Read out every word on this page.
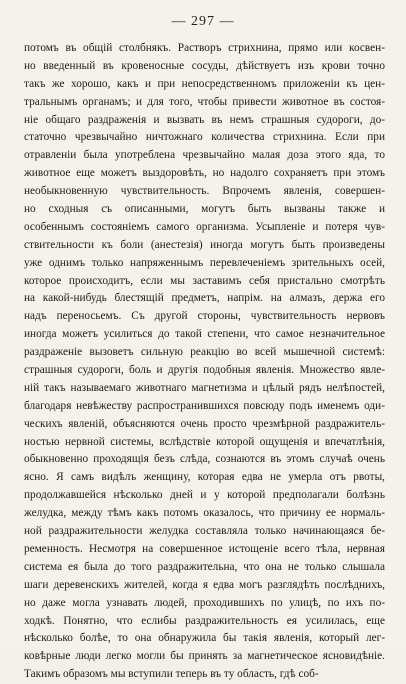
— 297 —
потомъ въ общій столбнякъ. Растворъ стрихнина, прямо или косвен-
но введенный въ кровеносные сосуды, дѣйствуетъ изъ крови точно
такъ же хорошо, какъ и при непосредственномъ приложеніи къ цен-
тральнымъ органамъ; и для того, чтобы привести животное въ состоя-
ніе общаго раздраженія и вызвать въ немъ страшныя судороги, до-
статочно чрезвычайно ничтожнаго количества стрихнина. Если при
отравленіи была употреблена чрезвычайно малая доза этого яда, то
животное еще можетъ выздоровѣть, но надолго сохраняетъ при этомъ
необыкновенную чувствительность. Впрочемъ явленія, совершен-
но сходныя съ описанными, могутъ быть вызваны также и
особеннымъ состояніемъ самого организма. Усыпленіе и потеря чув-
ствительности къ боли (анестезія) иногда могутъ быть произведены
уже однимъ только напряженнымъ перевлеченіемъ зрительныхъ осей,
которое происходитъ, если мы заставимъ себя пристально смотрѣть
на какой-нибудь блестящій предметъ, напрім. на алмазъ, держа его
надъ переносьемъ. Съ другой стороны, чувствительность нервовъ
иногда можетъ усилиться до такой степени, что самое незначительное
раздраженіе вызоветъ сильную реакцію во всей мышечной системѣ:
страшныя судороги, боль и другія подобныя явленія. Множество явле-
ній такъ называемаго животнаго магнетизма и цѣлый рядъ нелѣпостей,
благодаря невѣжеству распространившихся повсюду подъ именемъ оди-
ческихъ явленій, объясняются очень просто чрезмѣрной раздражитель-
ностью нервной системы, вслѣдствіе которой ощущенія и впечатлѣнія,
обыкновенно проходящія безъ слѣда, сознаются въ этомъ случаѣ очень
ясно. Я самъ видѣлъ женщину, которая едва не умерла отъ рвоты,
продолжавшейся нѣсколько дней и у которой предполагали болѣзнь
желудка, между тѣмъ какъ потомъ оказалось, что причину ее нормаль-
ной раздражительности желудка составляла только начинающаяся бе-
ременность. Несмотря на совершенное истощеніе всего тѣла, нервная
система ея была до того раздражительна, что она не только слышала
шаги деревенскихъ жителей, когда я едва могъ разглядѣть послѣднихъ,
но даже могла узнавать людей, проходившихъ по улицѣ, по ихъ по-
ходкѣ. Понятно, что еслибы раздражительность ея усилилась, еще
нѣсколько болѣе, то она обнаружила бы такія явленія, который лег-
ковѣрные люди легко могли бы принять за магнетическое ясновидѣніе.
Такимъ образомъ мы вступили теперь въ ту область, гдѣ соб-
